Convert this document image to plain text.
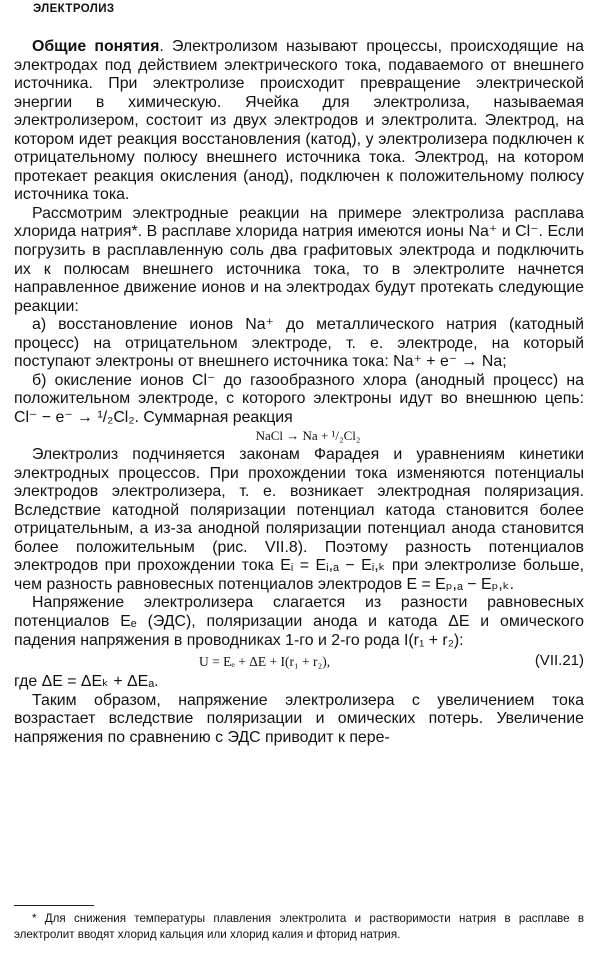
ЭЛЕКТРОЛИЗ

Общие понятия. Электролизом называют процессы, происходящие на электродах под действием электрического тока, подаваемого от внешнего источника. При электролизе происходит превращение электрической энергии в химическую. Ячейка для электролиза, называемая электролизером, состоит из двух электродов и электролита. Электрод, на котором идет реакция восстановления (катод), у электролизера подключен к отрицательному полюсу внешнего источника тока. Электрод, на котором протекает реакция окисления (анод), подключен к положительному полюсу источника тока.

Рассмотрим электродные реакции на примере электролиза расплава хлорида натрия*. В расплаве хлорида натрия имеются ионы Na⁺ и Cl⁻. Если погрузить в расплавленную соль два графитовых электрода и подключить их к полюсам внешнего источника тока, то в электролите начнется направленное движение ионов и на электродах будут протекать следующие реакции:

а) восстановление ионов Na⁺ до металлического натрия (катодный процесс) на отрицательном электроде, т. е. электроде, на который поступают электроны от внешнего источника тока: Na⁺ + e⁻ → Na;

б) окисление ионов Cl⁻ до газообразного хлора (анодный процесс) на положительном электроде, с которого электроны идут во внешнюю цепь: Cl⁻ − e⁻ → ¹/₂Cl₂. Суммарная реакция

NaCl → Na + ¹/₂Cl₂

Электролиз подчиняется законам Фарадея и уравнениям кинетики электродных процессов. При прохождении тока изменяются потенциалы электродов электролизера, т. е. возникает электродная поляризация. Вследствие катодной поляризации потенциал катода становится более отрицательным, а из-за анодной поляризации потенциал анода становится более положительным (рис. VII.8). Поэтому разность потенциалов электродов при прохождении тока Eᵢ = Eᵢ,ₐ − Eᵢ,ₖ при электролизе больше, чем разность равновесных потенциалов электродов E = Eₚ,ₐ − Eₚ,ₖ.

Напряжение электролизера слагается из разности равновесных потенциалов Eₑ (ЭДС), поляризации анода и катода ΔE и омического падения напряжения в проводниках 1-го и 2-го рода I(r₁ + r₂):

U = Eₑ + ΔE + I(r₁ + r₂),	(VII.21)

где ΔE = ΔEₖ + ΔEₐ.

Таким образом, напряжение электролизера с увеличением тока возрастает вследствие поляризации и омических потерь. Увеличение напряжения по сравнению с ЭДС приводит к пере-

* Для снижения температуры плавления электролита и растворимости натрия в расплаве в электролит вводят хлорид кальция или хлорид калия и фторид натрия.
